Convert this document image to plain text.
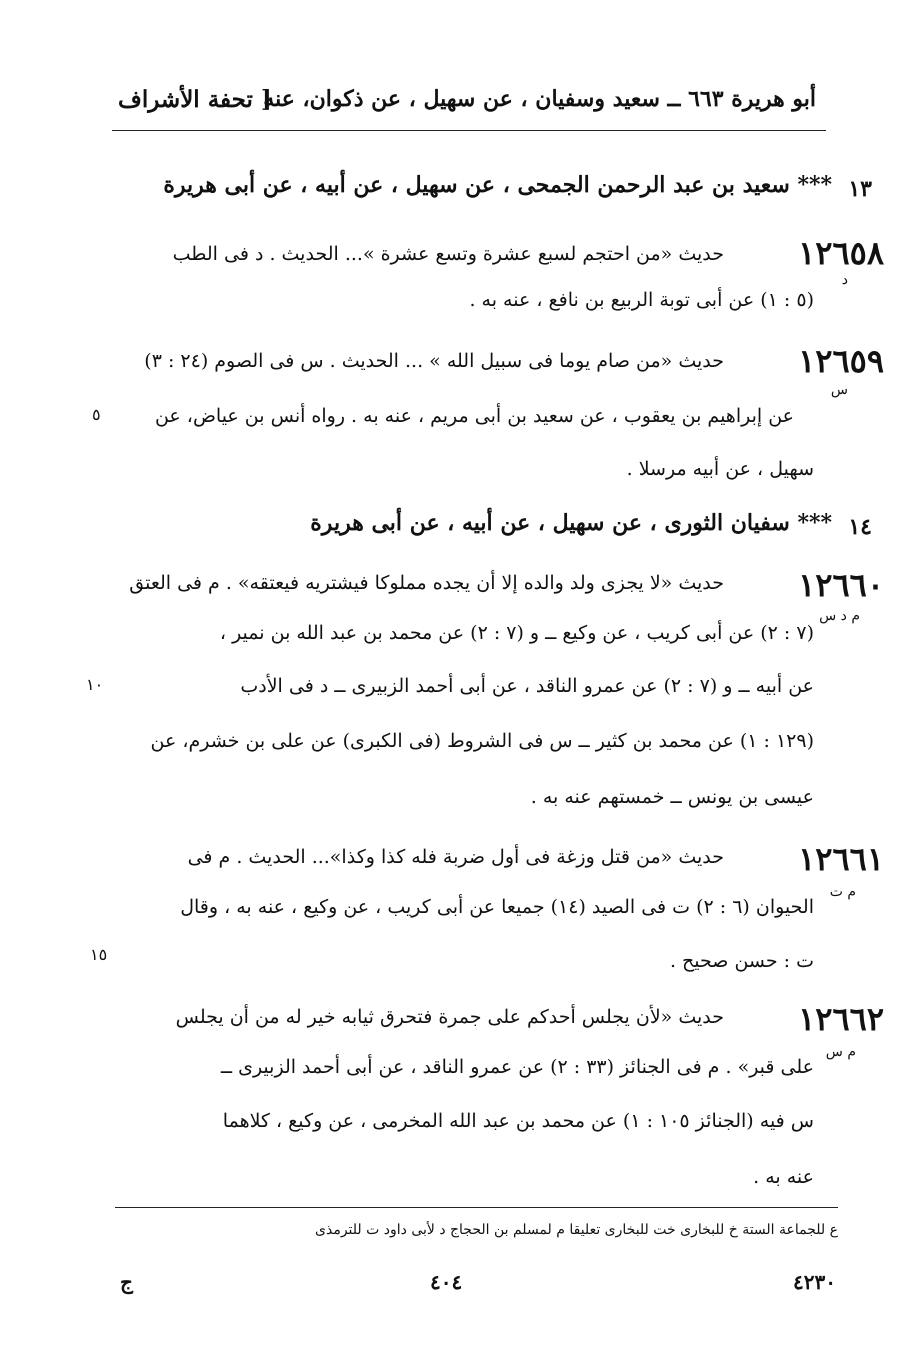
أبو هريرة ٦٦٣ ــ سعيد وسفيان ، عن سهيل ، عن ذكوان، عنه
[ تحفة الأشراف
١٣
*** سعيد بن عبد الرحمن الجمحى ، عن سهيل ، عن أبيه ، عن أبى هريرة
١٢٦٥٨
د
حديث «من احتجم لسبع عشرة وتسع عشرة »... الحديث . د فى الطب
(٥ : ١) عن أبى توبة الربيع بن نافع ، عنه به .
١٢٦٥٩
س
حديث «من صام يوما فى سبيل الله » ... الحديث . س فى الصوم (٢٤ : ٣)
عن إبراهيم بن يعقوب ، عن سعيد بن أبى مريم ، عنه به . رواه أنس بن عياض، عن
٥
سهيل ، عن أبيه مرسلا .
١٤
*** سفيان الثورى ، عن سهيل ، عن أبيه ، عن أبى هريرة
١٢٦٦٠
م د س
حديث «لا يجزى ولد والده إلا أن يجده مملوكا فيشتريه فيعتقه» . م فى العتق
(٧ : ٢) عن أبى كريب ، عن وكيع ــ و (٧ : ٢) عن محمد بن عبد الله بن نمير ،
عن أبيه ــ و (٧ : ٢) عن عمرو الناقد ، عن أبى أحمد الزبيرى ــ د فى الأدب
١٠
(١٢٩ : ١) عن محمد بن كثير ــ س فى الشروط (فى الكبرى) عن على بن خشرم، عن
عيسى بن يونس ــ خمستهم عنه به .
١٢٦٦١
م ت
حديث «من قتل وزغة فى أول ضربة فله كذا وكذا»... الحديث . م فى
الحيوان (٦ : ٢) ت فى الصيد (١٤) جميعا عن أبى كريب ، عن وكيع ، عنه به ، وقال
١٥	ت : حسن صحيح .
١٢٦٦٢
م س
حديث «لأن يجلس أحدكم على جمرة فتحرق ثيابه خير له من أن يجلس
على قبر» . م فى الجنائز (٣٣ : ٢) عن عمرو الناقد ، عن أبى أحمد الزبيرى ــ
س فيه (الجنائز ١٠٥ : ١) عن محمد بن عبد الله المخرمى ، عن وكيع ، كلاهما
عنه به .
ع للجماعة الستة خ للبخارى خت للبخارى تعليقا م لمسلم بن الحجاج د لأبى داود ت للترمذى
٤٢٣٠
٤٠٤
ج
